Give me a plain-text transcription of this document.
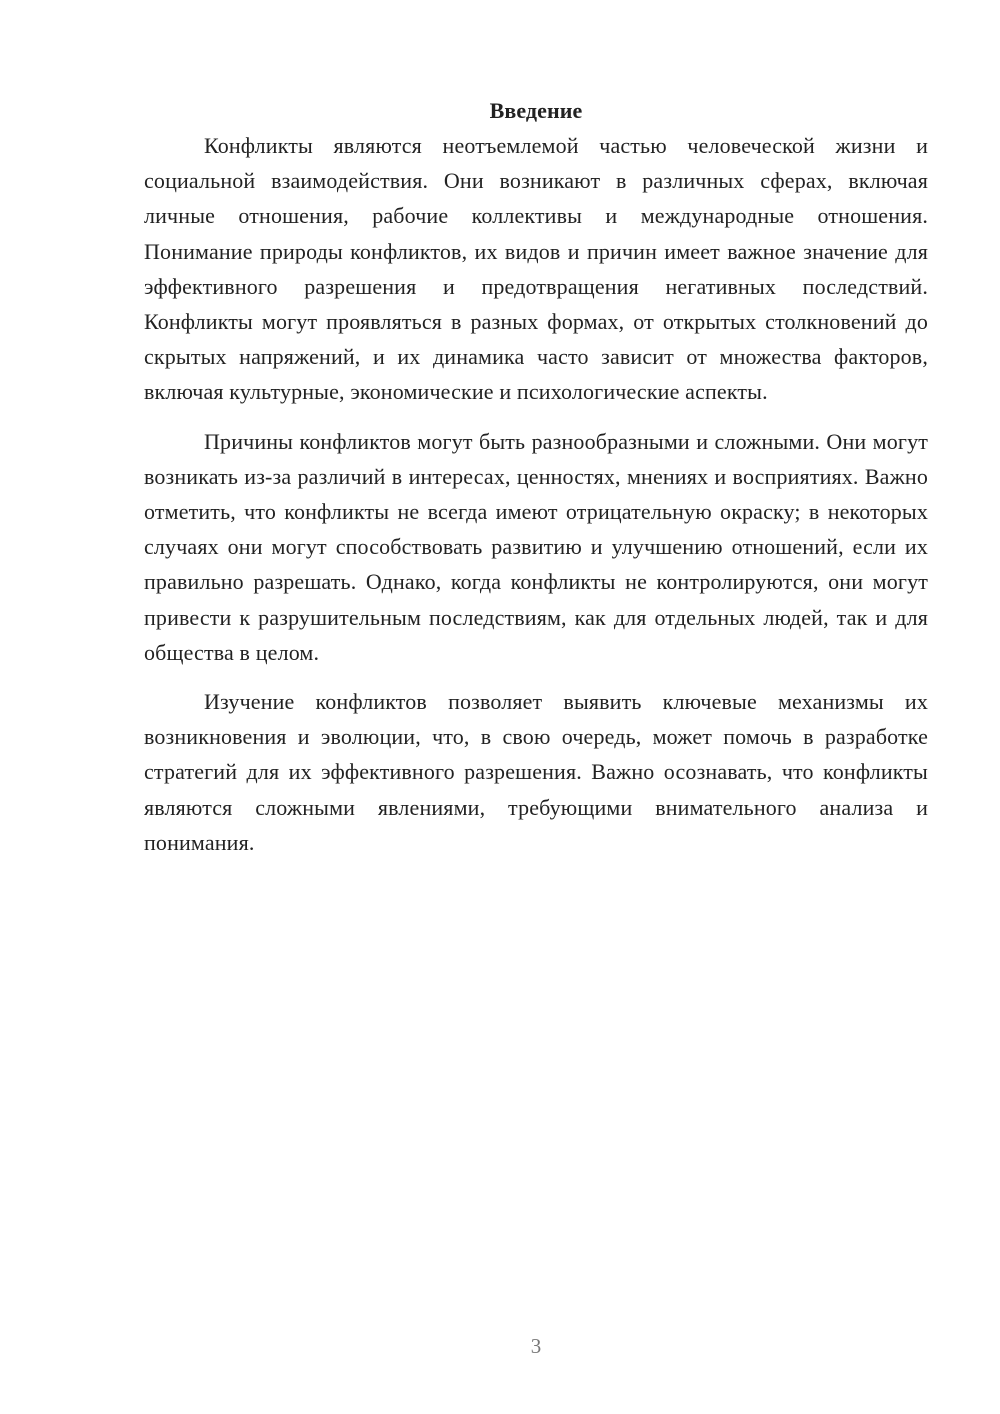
Введение

Конфликты являются неотъемлемой частью человеческой жизни и социальной взаимодействия. Они возникают в различных сферах, включая личные отношения, рабочие коллективы и международные отношения. Понимание природы конфликтов, их видов и причин имеет важное значение для эффективного разрешения и предотвращения негативных последствий. Конфликты могут проявляться в разных формах, от открытых столкновений до скрытых напряжений, и их динамика часто зависит от множества факторов, включая культурные, экономические и психологические аспекты.

Причины конфликтов могут быть разнообразными и сложными. Они могут возникать из-за различий в интересах, ценностях, мнениях и восприятиях. Важно отметить, что конфликты не всегда имеют отрицательную окраску; в некоторых случаях они могут способствовать развитию и улучшению отношений, если их правильно разрешать. Однако, когда конфликты не контролируются, они могут привести к разрушительным последствиям, как для отдельных людей, так и для общества в целом.

Изучение конфликтов позволяет выявить ключевые механизмы их возникновения и эволюции, что, в свою очередь, может помочь в разработке стратегий для их эффективного разрешения. Важно осознавать, что конфликты являются сложными явлениями, требующими внимательного анализа и понимания.

3
